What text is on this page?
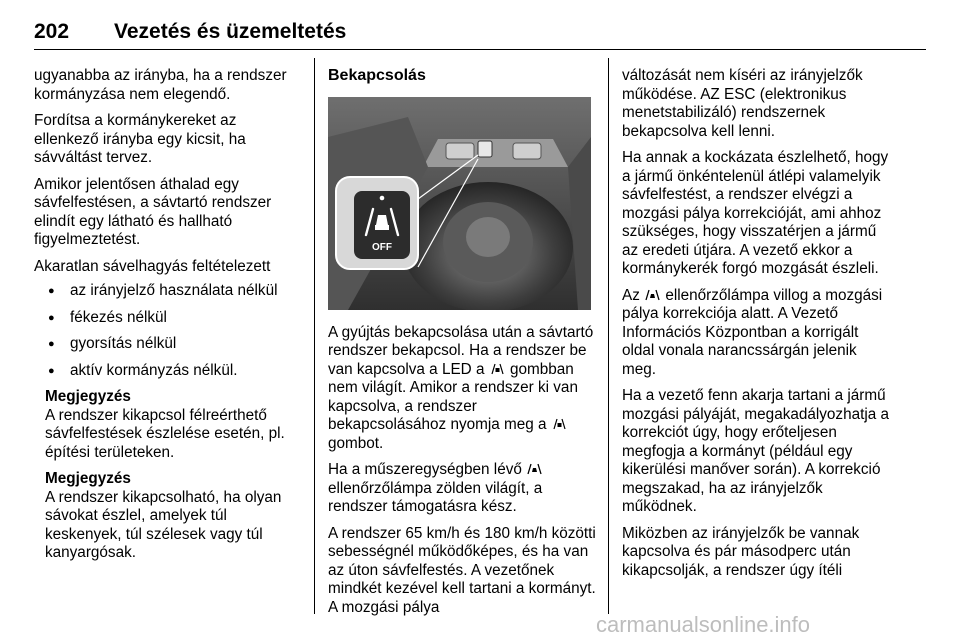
202 Vezetés és üzemeltetés

ugyanabba az irányba, ha a rendszer kormányzása nem elegendő.

Fordítsa a kormánykereket az ellenkező irányba egy kicsit, ha sávváltást tervez.

Amikor jelentősen áthalad egy sávfelfestésen, a sávtartó rendszer elindít egy látható és hallható figyelmeztetést.

Akaratlan sávelhagyás feltételezett

● az irányjelző használata nélkül
● fékezés nélkül
● gyorsítás nélkül
● aktív kormányzás nélkül.
Megjegyzés

A rendszer kikapcsol félreérthető sávfelfestések észlelése esetén, pl. építési területeken.

Megjegyzés

A rendszer kikapcsolható, ha olyan sávokat észlel, amelyek túl keskenyek, túl szélesek vagy túl kanyargósak.

Bekapcsolás
OFF

A gyújtás bekapcsolása után a sávtartó rendszer bekapcsol. Ha a rendszer be van kapcsolva a LED a gombban nem világít. Amikor a rendszer ki van kapcsolva, a rendszer bekapcsolásához nyomja meg a  gombot.

Ha a műszeregységben lévő  ellenőrzőlámpa zölden világít, a rendszer támogatásra kész.

A rendszer 65 km/h és 180 km/h közötti sebességnél működőképes, és ha van az úton sávfelfestés. A vezetőnek mindkét kezével kell tartani a kormányt. A mozgási pálya

változását nem kíséri az irányjelzők működése. AZ ESC (elektronikus menetstabilizáló) rendszernek bekapcsolva kell lenni.

Ha annak a kockázata észlelhető, hogy a jármű önkéntelenül átlépi valamelyik sávfelfestést, a rendszer elvégzi a mozgási pálya korrekcióját, ami ahhoz szükséges, hogy visszatérjen a jármű az eredeti útjára. A vezető ekkor a kormánykerék forgó mozgását észleli.

Az ellenőrzőlámpa villog a mozgási pálya korrekciója alatt. A Vezető Információs Központban a korrigált oldal vonala narancssárgán jelenik meg.

Ha a vezető fenn akarja tartani a jármű mozgási pályáját, megakadályozhatja a korrekciót úgy, hogy erőteljesen megfogja a kormányt (például egy kikerülési manőver során). A korrekció megszakad, ha az irányjelzők működnek.

Miközben az irányjelzők be vannak kapcsolva és pár másodperc után kikapcsolják, a rendszer úgy ítéli

carmanualsonline.info
